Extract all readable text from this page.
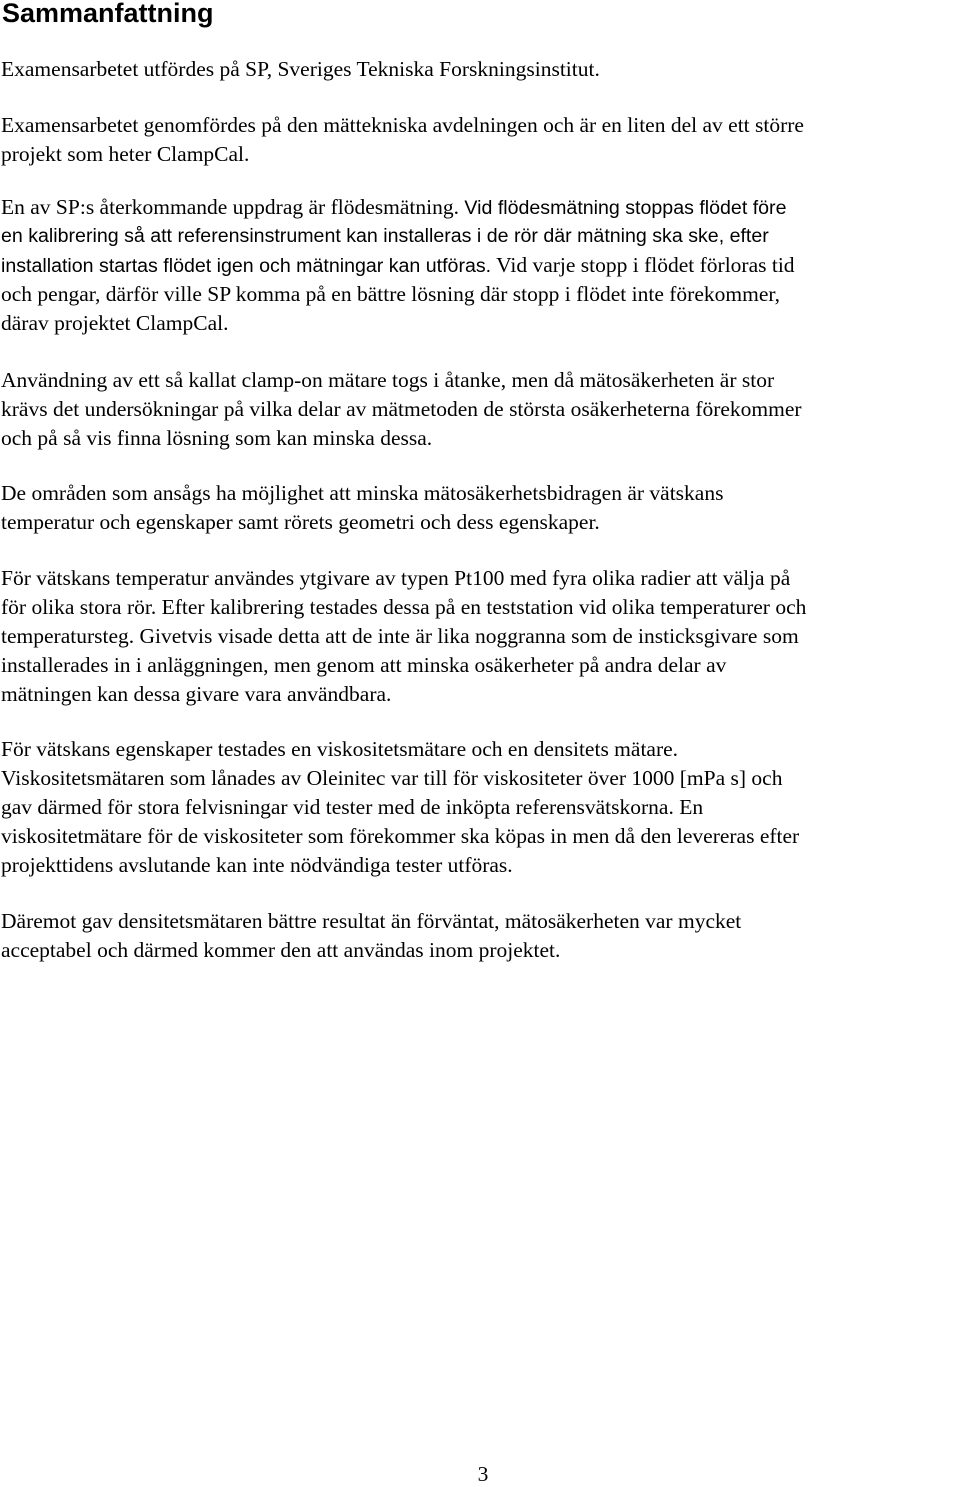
Sammanfattning
Examensarbetet utfördes på SP, Sveriges Tekniska Forskningsinstitut.
Examensarbetet genomfördes på den mättekniska avdelningen och är en liten del av ett större
projekt som heter ClampCal.
En av SP:s återkommande uppdrag är flödesmätning. Vid flödesmätning stoppas flödet före
en kalibrering så att referensinstrument kan installeras i de rör där mätning ska ske, efter
installation startas flödet igen och mätningar kan utföras. Vid varje stopp i flödet förloras tid
och pengar, därför ville SP komma på en bättre lösning där stopp i flödet inte förekommer,
därav projektet ClampCal.
Användning av ett så kallat clamp-on mätare togs i åtanke, men då mätosäkerheten är stor
krävs det undersökningar på vilka delar av mätmetoden de största osäkerheterna förekommer
och på så vis finna lösning som kan minska dessa.
De områden som ansågs ha möjlighet att minska mätosäkerhetsbidragen är vätskans
temperatur och egenskaper samt rörets geometri och dess egenskaper.
För vätskans temperatur användes ytgivare av typen Pt100 med fyra olika radier att välja på
för olika stora rör. Efter kalibrering testades dessa på en teststation vid olika temperaturer och
temperatursteg. Givetvis visade detta att de inte är lika noggranna som de insticksgivare som
installerades in i anläggningen, men genom att minska osäkerheter på andra delar av
mätningen kan dessa givare vara användbara.
För vätskans egenskaper testades en viskositetsmätare och en densitets mätare.
Viskositetsmätaren som lånades av Oleinitec var till för viskositeter över 1000 [mPa s] och
gav därmed för stora felvisningar vid tester med de inköpta referensvätskorna. En
viskositetmätare för de viskositeter som förekommer ska köpas in men då den levereras efter
projekttidens avslutande kan inte nödvändiga tester utföras.
Däremot gav densitetsmätaren bättre resultat än förväntat, mätosäkerheten var mycket
acceptabel och därmed kommer den att användas inom projektet.
3
